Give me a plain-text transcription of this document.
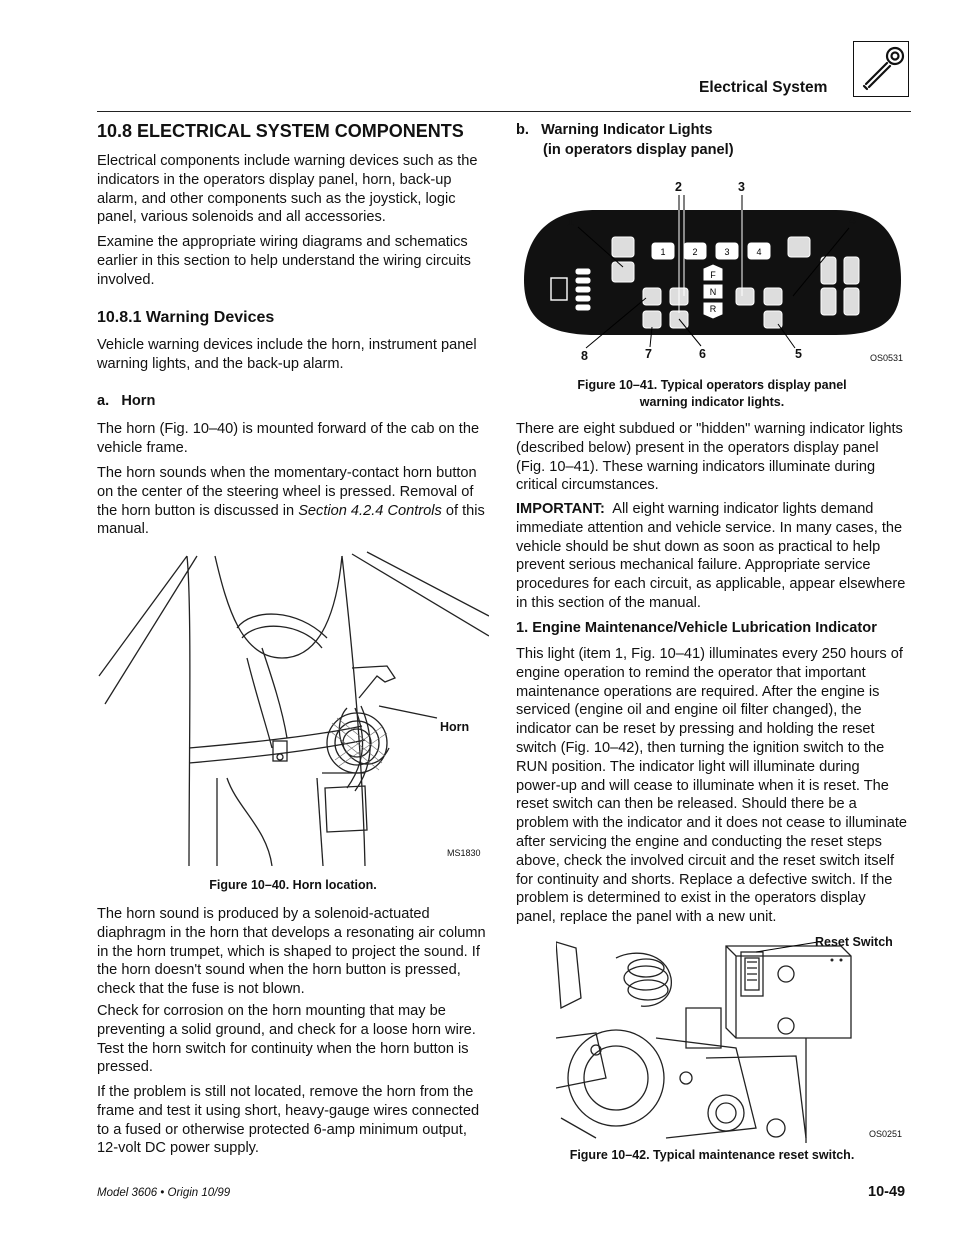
Electrical System
10.8 ELECTRICAL SYSTEM COMPONENTS

Electrical components include warning devices such as the indicators in the operators display panel, horn, back-up alarm, and other components such as the joystick, logic panel, various solenoids and all accessories.

Examine the appropriate wiring diagrams and schematics earlier in this section to help understand the wiring circuits involved.

10.8.1 Warning Devices

Vehicle warning devices include the horn, instrument panel warning lights, and the back-up alarm.

a.   Horn

The horn (Fig. 10–40) is mounted forward of the cab on the vehicle frame.

The horn sounds when the momentary-contact horn button on the center of the steering wheel is pressed. Removal of the horn button is discussed in Section 4.2.4 Controls of this manual.

Horn
MS1830
Figure 10–40. Horn location.

The horn sound is produced by a solenoid-actuated diaphragm in the horn that develops a resonating air column in the horn trumpet, which is shaped to project the sound. If the horn doesn't sound when the horn button is pressed, check that the fuse is not blown.

Check for corrosion on the horn mounting that may be preventing a solid ground, and check for a loose horn wire. Test the horn switch for continuity when the horn button is pressed.

If the problem is still not located, remove the horn from the frame and test it using short, heavy-gauge wires connected to a fused or otherwise protected 6-amp minimum output, 12-volt DC power supply.

b.   Warning Indicator Lights
(in operators display panel)
1	2	3	4
F
N
R
1
2	3
4
5
6
7
8	OS0531
Figure 10–41. Typical operators display panel
warning indicator lights.

There are eight subdued or "hidden" warning indicator lights (described below) present in the operators display panel (Fig. 10–41). These warning indicators illuminate during critical circumstances.

IMPORTANT:  All eight warning indicator lights demand immediate attention and vehicle service. In many cases, the vehicle should be shut down as soon as practical to help prevent serious mechanical failure. Appropriate service procedures for each circuit, as applicable, appear elsewhere in this section of the manual.

1. Engine Maintenance/Vehicle Lubrication Indicator

This light (item 1, Fig. 10–41) illuminates every 250 hours of engine operation to remind the operator that important maintenance operations are required. After the engine is serviced (engine oil and engine oil filter changed), the indicator can be reset by pressing and holding the reset switch (Fig. 10–42), then turning the ignition switch to the RUN position. The indicator light will illuminate during power-up and will cease to illuminate when it is reset. The reset switch can then be released. Should there be a problem with the indicator and it does not cease to illuminate after servicing the engine and conducting the reset steps above, check the involved circuit and the reset switch itself for continuity and shorts. Replace a defective switch. If the problem is determined to exist in the operators display panel, replace the panel with a new unit.

Reset Switch
OS0251
Figure 10–42. Typical maintenance reset switch.
Model 3606 • Origin 10/99	10-49
